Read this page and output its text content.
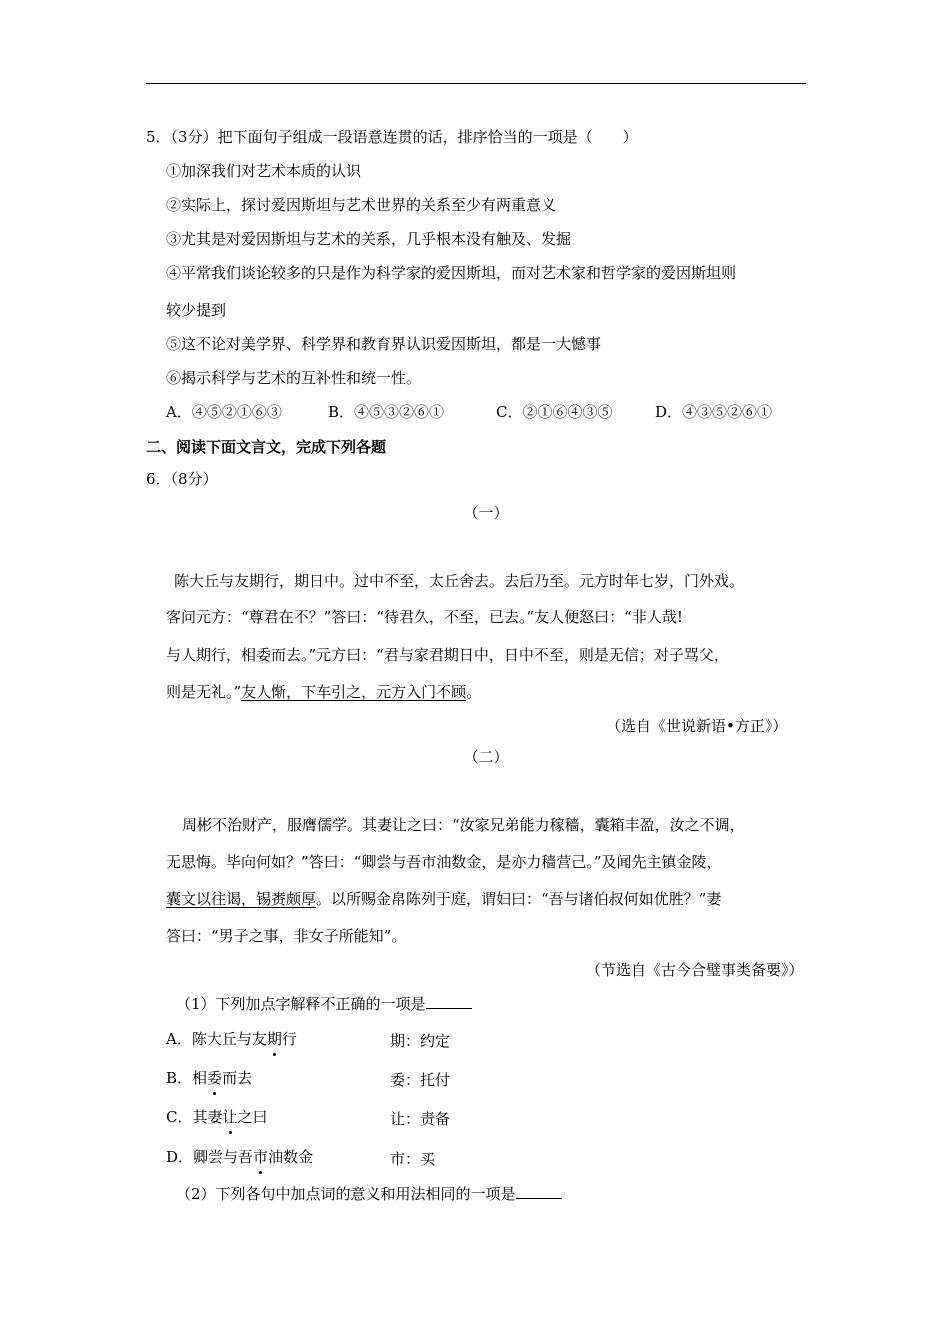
5．（3分）把下面句子组成一段语意连贯的话，排序恰当的一项是（　　）
①加深我们对艺术本质的认识
②实际上，探讨爱因斯坦与艺术世界的关系至少有两重意义
③尤其是对爱因斯坦与艺术的关系，几乎根本没有触及、发掘
④平常我们谈论较多的只是作为科学家的爱因斯坦，而对艺术家和哲学家的爱因斯坦则
较少提到
⑤这不论对美学界、科学界和教育界认识爱因斯坦，都是一大憾事
⑥揭示科学与艺术的互补性和统一性。
A．④⑤②①⑥③	B．④⑤③②⑥①	C．②①⑥④③⑤	D．④③⑤②⑥①
二、阅读下面文言文，完成下列各题
6．（8分）
（一）
陈大丘与友期行，期日中。过中不至，太丘舍去。去后乃至。元方时年七岁，门外戏。
客问元方：“尊君在不？”答曰：“待君久，不至，已去。”友人便怒曰：“非人哉!
与人期行，相委而去。”元方曰：“君与家君期日中，日中不至，则是无信；对子骂父，
则是无礼。”友人惭，下车引之，元方入门不顾。
（选自《世说新语•方正》）
（二）
周彬不治财产，服膺儒学。其妻让之曰：“汝家兄弟能力稼穑，囊箱丰盈，汝之不调，
无思悔。毕向何如？”答曰：“卿尝与吾市油数金，是亦力穑营己。”及闻先主镇金陵，
囊文以往谒，锡赉颇厚。以所赐金帛陈列于庭，谓妇曰：“吾与诸伯叔何如优胜？”妻
答曰：“男子之事，非女子所能知”。
（节选自《古今合璧事类备要》）
（1）下列加点字解释不正确的一项是
A．陈大丘与友期行	期：约定
B．相委而去	委：托付
C．其妻让之曰	让：责备
D．卿尝与吾市油数金	市：买
（2）下列各句中加点词的意义和用法相同的一项是
